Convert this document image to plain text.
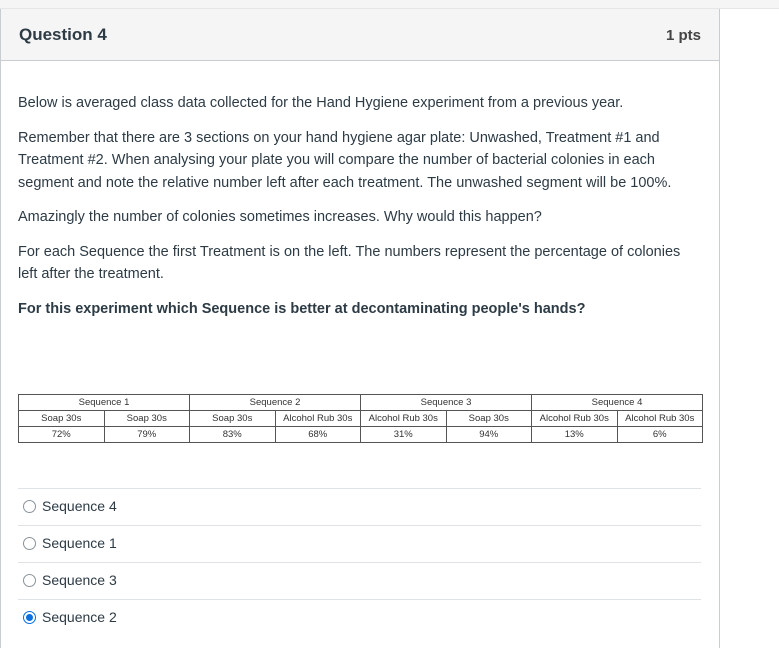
Question 4	1 pts

Below is averaged class data collected for the Hand Hygiene experiment from a previous year.

Remember that there are 3 sections on your hand hygiene agar plate: Unwashed, Treatment #1 and Treatment #2. When analysing your plate you will compare the number of bacterial colonies in each segment and note the relative number left after each treatment. The unwashed segment will be 100%.

Amazingly the number of colonies sometimes increases. Why would this happen?

For each Sequence the first Treatment is on the left. The numbers represent the percentage of colonies left after the treatment.

For this experiment which Sequence is better at decontaminating people's hands?

Sequence 1		Sequence 2		Sequence 3		Sequence 4	
Soap 30s	Soap 30s	Soap 30s	Alcohol Rub 30s	Alcohol Rub 30s	Soap 30s	Alcohol Rub 30s	Alcohol Rub 30s
72%	79%	83%	68%	31%	94%	13%	6%
Sequence 4
Sequence 1
Sequence 3
Sequence 2
